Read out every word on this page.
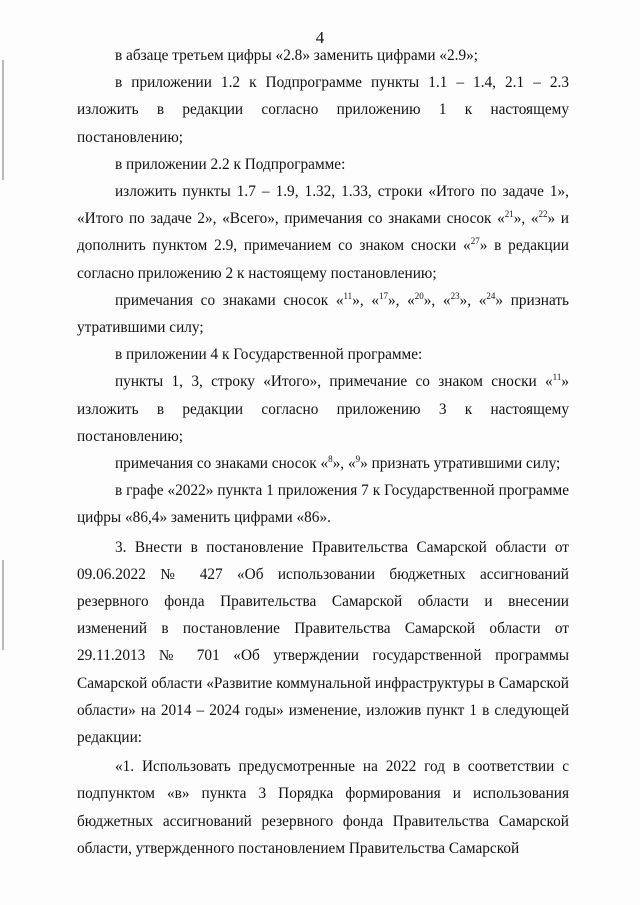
4

в абзаце третьем цифры «2.8» заменить цифрами «2.9»;

в приложении 1.2 к Подпрограмме пункты 1.1 – 1.4, 2.1 – 2.3 изложить в редакции согласно приложению 1 к настоящему постановлению;

в приложении 2.2 к Подпрограмме:

изложить пункты 1.7 – 1.9, 1.32, 1.33, строки «Итого по задаче 1», «Итого по задаче 2», «Всего», примечания со знаками сносок «$^{21}$», «$^{22}$» и дополнить пунктом 2.9, примечанием со знаком сноски «$^{27}$» в редакции согласно приложению 2 к настоящему постановлению;

примечания со знаками сносок «$^{11}$», «$^{17}$», «$^{20}$», «$^{23}$», «$^{24}$» признать утратившими силу;

в приложении 4 к Государственной программе:

пункты 1, 3, строку «Итого», примечание со знаком сноски «$^{11}$» изложить в редакции согласно приложению 3 к настоящему постановлению;

примечания со знаками сносок «$^8$», «$^9$» признать утратившими силу;

в графе «2022» пункта 1 приложения 7 к Государственной программе цифры «86,4» заменить цифрами «86».

3. Внести в постановление Правительства Самарской области от 09.06.2022 № 427 «Об использовании бюджетных ассигнований резервного фонда Правительства Самарской области и внесении изменений в постановление Правительства Самарской области от 29.11.2013 № 701 «Об утверждении государственной программы Самарской области «Развитие коммунальной инфраструктуры в Самарской области» на 2014 – 2024 годы» изменение, изложив пункт 1 в следующей редакции:

«1. Использовать предусмотренные на 2022 год в соответствии с подпунктом «в» пункта 3 Порядка формирования и использования бюджетных ассигнований резервного фонда Правительства Самарской области, утвержденного постановлением Правительства Самарской
